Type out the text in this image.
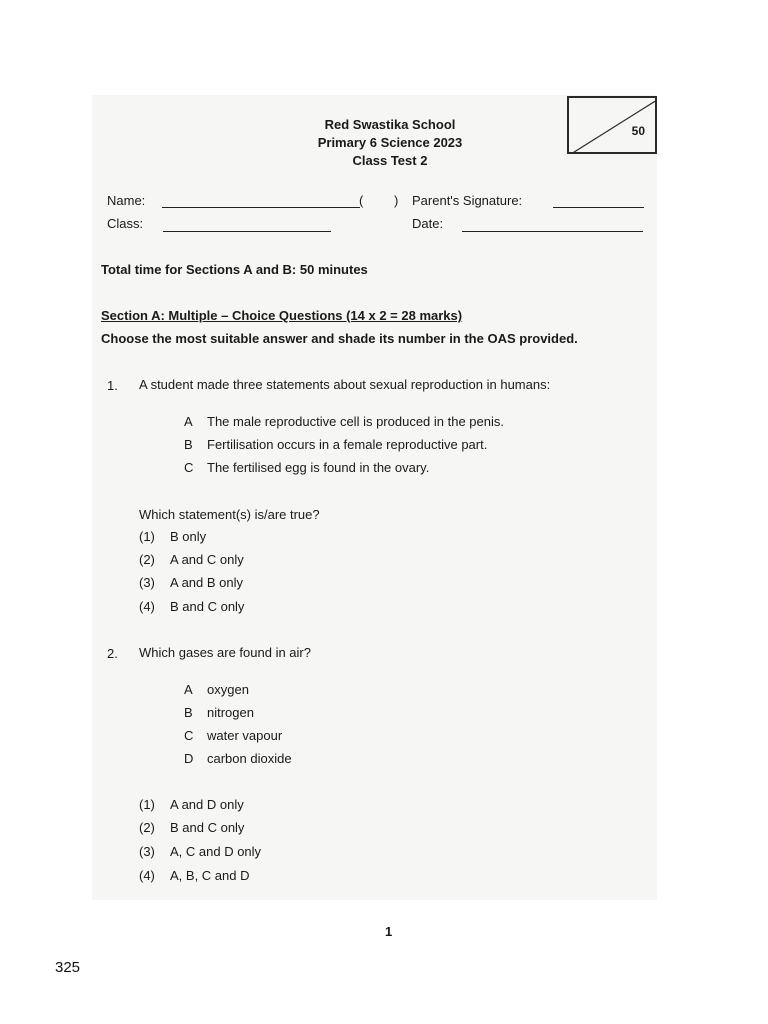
Red Swastika School
Primary 6 Science 2023
Class Test 2
50
Name:	( ) Parent's Signature:
Class:	Date:
Total time for Sections A and B: 50 minutes
Section A: Multiple – Choice Questions (14 x 2 = 28 marks)
Choose the most suitable answer and shade its number in the OAS provided.
1. A student made three statements about sexual reproduction in humans:
A The male reproductive cell is produced in the penis.
B Fertilisation occurs in a female reproductive part.
C The fertilised egg is found in the ovary.
Which statement(s) is/are true?
(1) B only
(2) A and C only
(3) A and B only
(4) B and C only
2. Which gases are found in air?
A oxygen
B nitrogen
C water vapour
D carbon dioxide
(1) A and D only
(2) B and C only
(3) A, C and D only
(4) A, B, C and D
1
325
